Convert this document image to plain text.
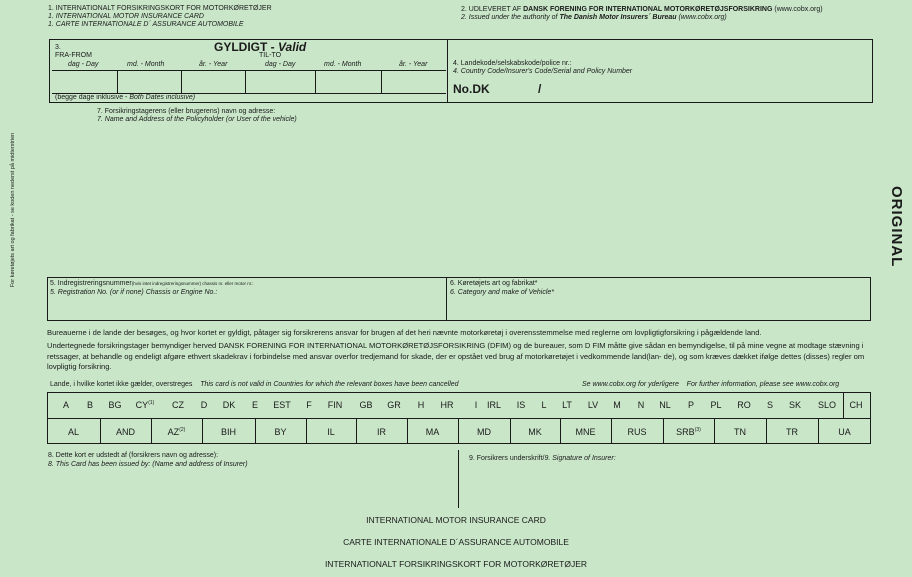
1. INTERNATIONALT FORSIKRINGSKORT FOR MOTORKØRETØJER
1. INTERNATIONAL MOTOR INSURANCE CARD
1. CARTE INTERNATIONALE D´ ASSURANCE AUTOMOBILE
2. UDLEVERET AF DANSK FORENING FOR INTERNATIONAL MOTORKØRETØJSFORSIKRING (www.cobx.org)
2. Issued under the authority of The Danish Motor Insurers´ Bureau (www.cobx.org)
3.	GYLDIGT - Valid
FRA-FROM	TIL-TO
dag - Day	md. - Month	år. - Year	dag - Day	md. - Month	år. - Year
(begge dage inklusive - Both Dates inclusive)
4. Landekode/selskabskode/police nr.:
4. Country Code/Insurer's Code/Serial and Policy Number
No.DK	/
7. Forsikringstagerens (eller brugerens) navn og adresse:
7. Name and Address of the Policyholder (or User of the vehicle)
For køretøjets art og fabrikat - se koden nederst på midterstrien	ORIGINAL
5. Indregistreringsnummer(hvis intet indregistreringsnummer) chassis nr. eller motor nr.:
5. Registration No. (or if none) Chassis or Engine No.:
6. Køretøjets art og fabrikat*
6. Category and make of Vehicle*
Bureauerne i de lande der besøges, og hvor kortet er gyldigt, påtager sig forsikrerens ansvar for brugen af det heri nævnte motorkøretøj i overensstemmelse med reglerne om lovpligtigforsikring i pågældende land.
Undertegnede forsikringstager bemyndiger herved DANSK FORENING FOR INTERNATIONAL MOTORKØRETØJSFORSIKRING (DFIM) og de bureauer, som D FIM måtte give sådan en bemyndigelse, til på mine vegne at modtage stævning i retssager, at behandle og endeligt afgøre ethvert skadekrav i forbindelse med ansvar overfor tredjemand for skade, der er opstået ved brug af motorkøretøjet i vedkommende land(lan- de), og som kræves dækket ifølge dettes (disses) regler om lovpligtig forsikring.
Lande, i hvilke kortet ikke gælder, overstreges This card is not valid in Countries for which the relevant boxes have been cancelled	Se www.cobx.org for yderligere For further information, please see www.cobx.org
A B BG CY$^{(1)}$ CZ D DK E EST F FIN GB GR H HR I IRL IS L LT LV M N NL P PL RO S SK SLO CH
AL	AND	AZ$^{(2)}$	BIH	BY	IL	IR	MA	MD	MK	MNE	RUS	SRB$^{(3)}$	TN	TR	UA
8. Dette kort er udstedt af (forsikrers navn og adresse):
8. This Card has been issued by: (Name and address of Insurer)
9. Forsikrers underskrift/9. Signature of Insurer:
INTERNATIONAL MOTOR INSURANCE CARD
CARTE INTERNATIONALE D´ASSURANCE AUTOMOBILE
INTERNATIONALT FORSIKRINGSKORT FOR MOTORKØRETØJER
